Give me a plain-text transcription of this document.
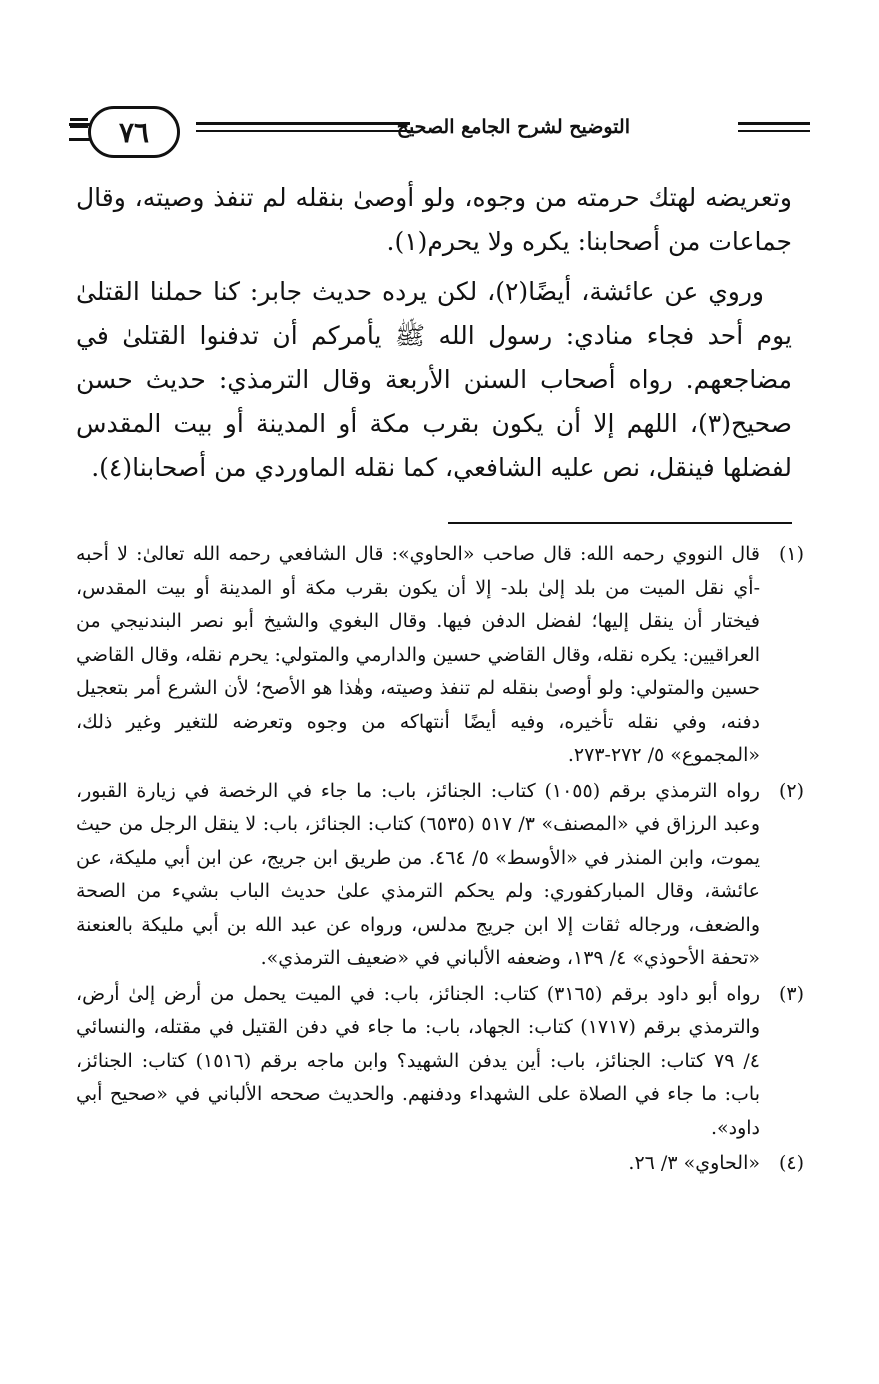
٧٦	التوضيح لشرح الجامع الصحيح

وتعريضه لهتك حرمته من وجوه، ولو أوصىٰ بنقله لم تنفذ وصيته، وقال جماعات من أصحابنا: يكره ولا يحرم(١).

وروي عن عائشة، أيضًا(٢)، لكن يرده حديث جابر: كنا حملنا القتلىٰ يوم أحد فجاء منادي: رسول الله ﷺ يأمركم أن تدفنوا القتلىٰ في مضاجعهم. رواه أصحاب السنن الأربعة وقال الترمذي: حديث حسن صحيح(٣)، اللهم إلا أن يكون بقرب مكة أو المدينة أو بيت المقدس لفضلها فينقل، نص عليه الشافعي، كما نقله الماوردي من أصحابنا(٤).

(١)
قال النووي رحمه الله: قال صاحب «الحاوي»: قال الشافعي رحمه الله تعالىٰ: لا أحبه -أي نقل الميت من بلد إلىٰ بلد- إلا أن يكون بقرب مكة أو المدينة أو بيت المقدس، فيختار أن ينقل إليها؛ لفضل الدفن فيها. وقال البغوي والشيخ أبو نصر البندنيجي من العراقيين: يكره نقله، وقال القاضي حسين والدارمي والمتولي: يحرم نقله، وقال القاضي حسين والمتولي: ولو أوصىٰ بنقله لم تنفذ وصيته، وهٰذا هو الأصح؛ لأن الشرع أمر بتعجيل دفنه، وفي نقله تأخيره، وفيه أيضًا أنتهاكه من وجوه وتعرضه للتغير وغير ذلك، «المجموع» ٥/ ٢٧٢-٢٧٣.
(٢)
رواه الترمذي برقم (١٠٥٥) كتاب: الجنائز، باب: ما جاء في الرخصة في زيارة القبور، وعبد الرزاق في «المصنف» ٣/ ٥١٧ (٦٥٣٥) كتاب: الجنائز، باب: لا ينقل الرجل من حيث يموت، وابن المنذر في «الأوسط» ٥/ ٤٦٤. من طريق ابن جريج، عن ابن أبي مليكة، عن عائشة، وقال المباركفوري: ولم يحكم الترمذي علىٰ حديث الباب بشيء من الصحة والضعف، ورجاله ثقات إلا ابن جريج مدلس، ورواه عن عبد الله بن أبي مليكة بالعنعنة «تحفة الأحوذي» ٤/ ١٣٩، وضعفه الألباني في «ضعيف الترمذي».
(٣)
رواه أبو داود برقم (٣١٦٥) كتاب: الجنائز، باب: في الميت يحمل من أرض إلىٰ أرض، والترمذي برقم (١٧١٧) كتاب: الجهاد، باب: ما جاء في دفن القتيل في مقتله، والنسائي ٤/ ٧٩ كتاب: الجنائز، باب: أين يدفن الشهيد؟ وابن ماجه برقم (١٥١٦) كتاب: الجنائز، باب: ما جاء في الصلاة على الشهداء ودفنهم. والحديث صححه الألباني في «صحيح أبي داود».
(٤)
«الحاوي» ٣/ ٢٦.
